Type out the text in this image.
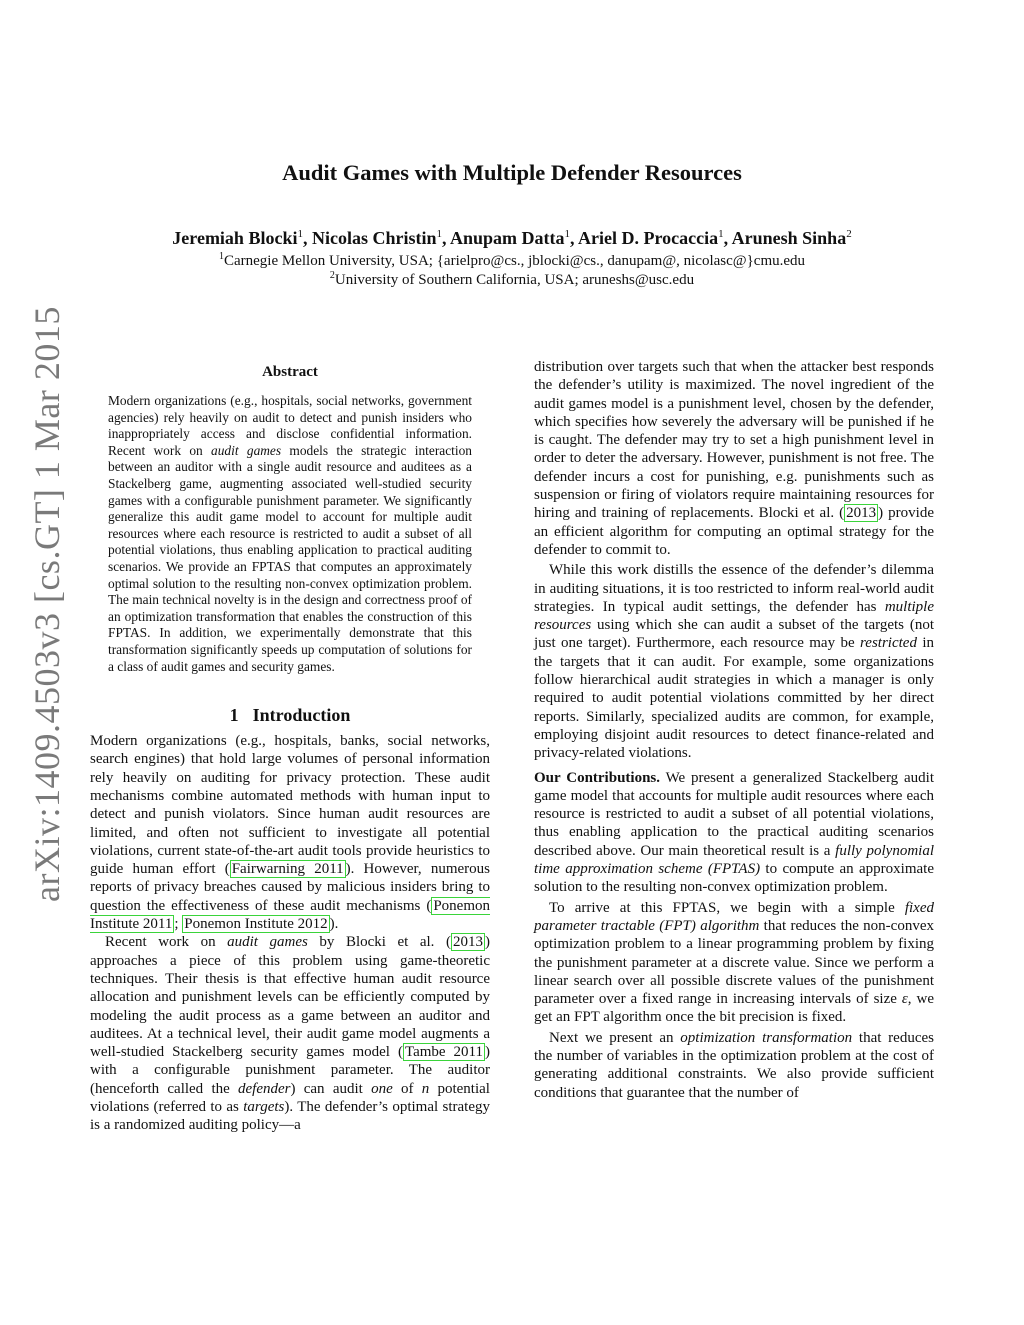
arXiv:1409.4503v3 [cs.GT] 1 Mar 2015
Audit Games with Multiple Defender Resources
Jeremiah Blocki$^1$, Nicolas Christin$^1$, Anupam Datta$^1$, Ariel D. Procaccia$^1$, Arunesh Sinha$^2$
$^1$Carnegie Mellon University, USA; {arielpro@cs., jblocki@cs., danupam@, nicolasc@}cmu.edu
$^2$University of Southern California, USA; aruneshs@usc.edu
Abstract
Modern organizations (e.g., hospitals, social networks, government agencies) rely heavily on audit to detect and punish insiders who inappropriately access and disclose confidential information. Recent work on audit games models the strategic interaction between an auditor with a single audit resource and auditees as a Stackelberg game, augmenting associated well-studied security games with a configurable punishment parameter. We significantly generalize this audit game model to account for multiple audit resources where each resource is restricted to audit a subset of all potential violations, thus enabling application to practical auditing scenarios. We provide an FPTAS that computes an approximately optimal solution to the resulting non-convex optimization problem. The main technical novelty is in the design and correctness proof of an optimization transformation that enables the construction of this FPTAS. In addition, we experimentally demonstrate that this transformation significantly speeds up computation of solutions for a class of audit games and security games.
1 Introduction

Modern organizations (e.g., hospitals, banks, social networks, search engines) that hold large volumes of personal information rely heavily on auditing for privacy protection. These audit mechanisms combine automated methods with human input to detect and punish violators. Since human audit resources are limited, and often not sufficient to investigate all potential violations, current state-of-the-art audit tools provide heuristics to guide human effort ( Fairwarning 2011 ). However, numerous reports of privacy breaches caused by malicious insiders bring to question the effectiveness of these audit mechanisms ( Ponemon Institute 2011 ; Ponemon Institute 2012 ).

Recent work on audit games by Blocki et al. ( 2013 ) approaches a piece of this problem using game-theoretic techniques. Their thesis is that effective human audit resource allocation and punishment levels can be efficiently computed by modeling the audit process as a game between an auditor and auditees. At a technical level, their audit game model augments a well-studied Stackelberg security games model ( Tambe 2011 ) with a configurable punishment parameter. The auditor (henceforth called the defender) can audit one of n potential violations (referred to as targets). The defender’s optimal strategy is a randomized auditing policy—a

distribution over targets such that when the attacker best responds the defender’s utility is maximized. The novel ingredient of the audit games model is a punishment level, chosen by the defender, which specifies how severely the adversary will be punished if he is caught. The defender may try to set a high punishment level in order to deter the adversary. However, punishment is not free. The defender incurs a cost for punishing, e.g. punishments such as suspension or firing of violators require maintaining resources for hiring and training of replacements. Blocki et al. ( 2013 ) provide an efficient algorithm for computing an optimal strategy for the defender to commit to.

While this work distills the essence of the defender’s dilemma in auditing situations, it is too restricted to inform real-world audit strategies. In typical audit settings, the defender has multiple resources using which she can audit a subset of the targets (not just one target). Furthermore, each resource may be restricted in the targets that it can audit. For example, some organizations follow hierarchical audit strategies in which a manager is only required to audit potential violations committed by her direct reports. Similarly, specialized audits are common, for example, employing disjoint audit resources to detect finance-related and privacy-related violations.

Our Contributions. We present a generalized Stackelberg audit game model that accounts for multiple audit resources where each resource is restricted to audit a subset of all potential violations, thus enabling application to the practical auditing scenarios described above. Our main theoretical result is a fully polynomial time approximation scheme (FPTAS) to compute an approximate solution to the resulting non-convex optimization problem.

To arrive at this FPTAS, we begin with a simple fixed parameter tractable (FPT) algorithm that reduces the non-convex optimization problem to a linear programming problem by fixing the punishment parameter at a discrete value. Since we perform a linear search over all possible discrete values of the punishment parameter over a fixed range in increasing intervals of size ε, we get an FPT algorithm once the bit precision is fixed.

Next we present an optimization transformation that reduces the number of variables in the optimization problem at the cost of generating additional constraints. We also provide sufficient conditions that guarantee that the number of
